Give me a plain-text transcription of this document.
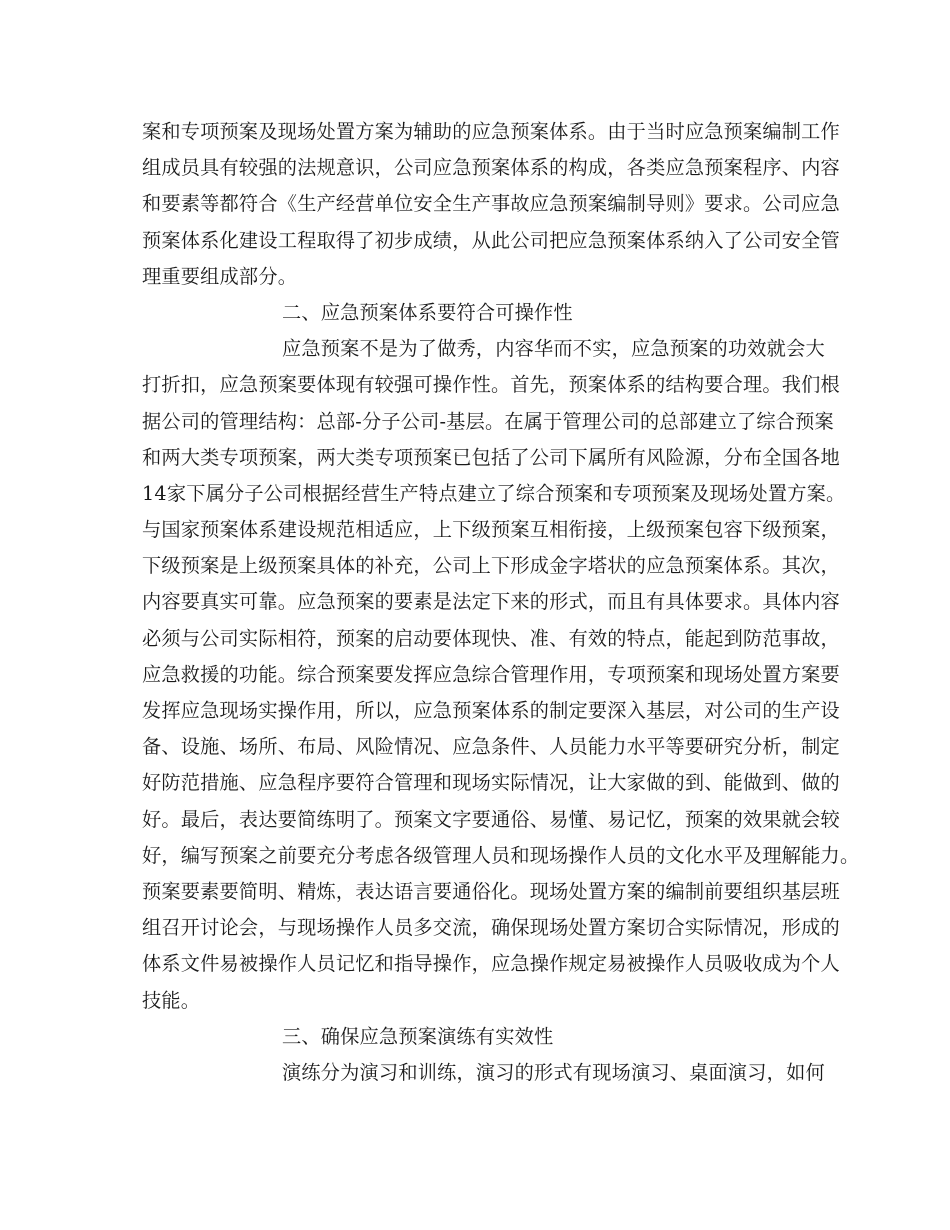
案和专项预案及现场处置方案为辅助的应急预案体系。由于当时应急预案编制工作
组成员具有较强的法规意识，公司应急预案体系的构成，各类应急预案程序、内容
和要素等都符合《生产经营单位安全生产事故应急预案编制导则》要求。公司应急
预案体系化建设工程取得了初步成绩，从此公司把应急预案体系纳入了公司安全管
理重要组成部分。
二、应急预案体系要符合可操作性
应急预案不是为了做秀，内容华而不实，应急预案的功效就会大
打折扣，应急预案要体现有较强可操作性。首先，预案体系的结构要合理。我们根
据公司的管理结构：总部-分子公司-基层。在属于管理公司的总部建立了综合预案
和两大类专项预案，两大类专项预案已包括了公司下属所有风险源，分布全国各地
14家下属分子公司根据经营生产特点建立了综合预案和专项预案及现场处置方案。
与国家预案体系建设规范相适应，上下级预案互相衔接，上级预案包容下级预案，
下级预案是上级预案具体的补充，公司上下形成金字塔状的应急预案体系。其次，
内容要真实可靠。应急预案的要素是法定下来的形式，而且有具体要求。具体内容
必须与公司实际相符，预案的启动要体现快、准、有效的特点，能起到防范事故，
应急救援的功能。综合预案要发挥应急综合管理作用，专项预案和现场处置方案要
发挥应急现场实操作用，所以，应急预案体系的制定要深入基层，对公司的生产设
备、设施、场所、布局、风险情况、应急条件、人员能力水平等要研究分析，制定
好防范措施、应急程序要符合管理和现场实际情况，让大家做的到、能做到、做的
好。最后，表达要简练明了。预案文字要通俗、易懂、易记忆，预案的效果就会较
好，编写预案之前要充分考虑各级管理人员和现场操作人员的文化水平及理解能力。
预案要素要简明、精炼，表达语言要通俗化。现场处置方案的编制前要组织基层班
组召开讨论会，与现场操作人员多交流，确保现场处置方案切合实际情况，形成的
体系文件易被操作人员记忆和指导操作，应急操作规定易被操作人员吸收成为个人
技能。
三、确保应急预案演练有实效性
演练分为演习和训练，演习的形式有现场演习、桌面演习，如何
